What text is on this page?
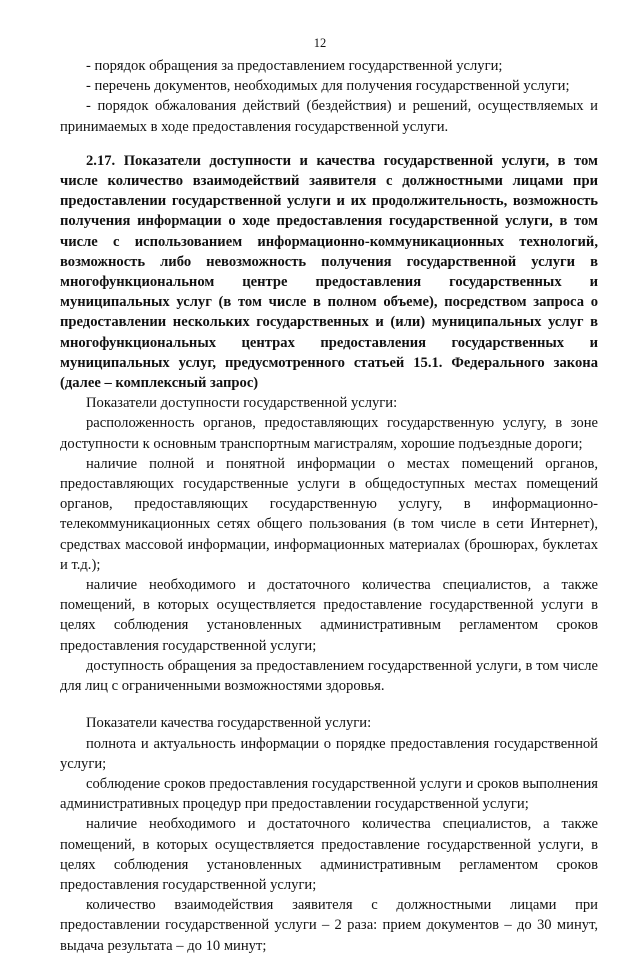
12

- порядок обращения за предоставлением государственной услуги;

- перечень документов, необходимых для получения государственной услуги;

- порядок обжалования действий (бездействия) и решений, осуществляемых и принимаемых в ходе предоставления государственной услуги.

2.17. Показатели доступности и качества государственной услуги, в том числе количество взаимодействий заявителя с должностными лицами при предоставлении государственной услуги и их продолжительность, возможность получения информации о ходе предоставления государственной услуги, в том числе с использованием информационно-коммуникационных технологий, возможность либо невозможность получения государственной услуги в многофункциональном центре предоставления государственных и муниципальных услуг (в том числе в полном объеме), посредством запроса о предоставлении нескольких государственных и (или) муниципальных услуг в многофункциональных центрах предоставления государственных и муниципальных услуг, предусмотренного статьей 15.1. Федерального закона (далее – комплексный запрос)

Показатели доступности государственной услуги:

расположенность органов, предоставляющих государственную услугу, в зоне доступности к основным транспортным магистралям, хорошие подъездные дороги;

наличие полной и понятной информации о местах помещений органов, предоставляющих государственные услуги в общедоступных местах помещений органов, предоставляющих государственную услугу, в информационно-телекоммуникационных сетях общего пользования (в том числе в сети Интернет), средствах массовой информации, информационных материалах (брошюрах, буклетах и т.д.);

наличие необходимого и достаточного количества специалистов, а также помещений, в которых осуществляется предоставление государственной услуги в целях соблюдения установленных административным регламентом сроков предоставления государственной услуги;

доступность обращения за предоставлением государственной услуги, в том числе для лиц с ограниченными возможностями здоровья.

Показатели качества государственной услуги:

полнота и актуальность информации о порядке предоставления государственной услуги;

соблюдение сроков предоставления государственной услуги и сроков выполнения административных процедур при предоставлении государственной услуги;

наличие необходимого и достаточного количества специалистов, а также помещений, в которых осуществляется предоставление государственной услуги, в целях соблюдения установленных административным регламентом сроков предоставления государственной услуги;

количество взаимодействия заявителя с должностными лицами при предоставлении государственной услуги – 2 раза: прием документов – до 30 минут, выдача результата – до 10 минут;
